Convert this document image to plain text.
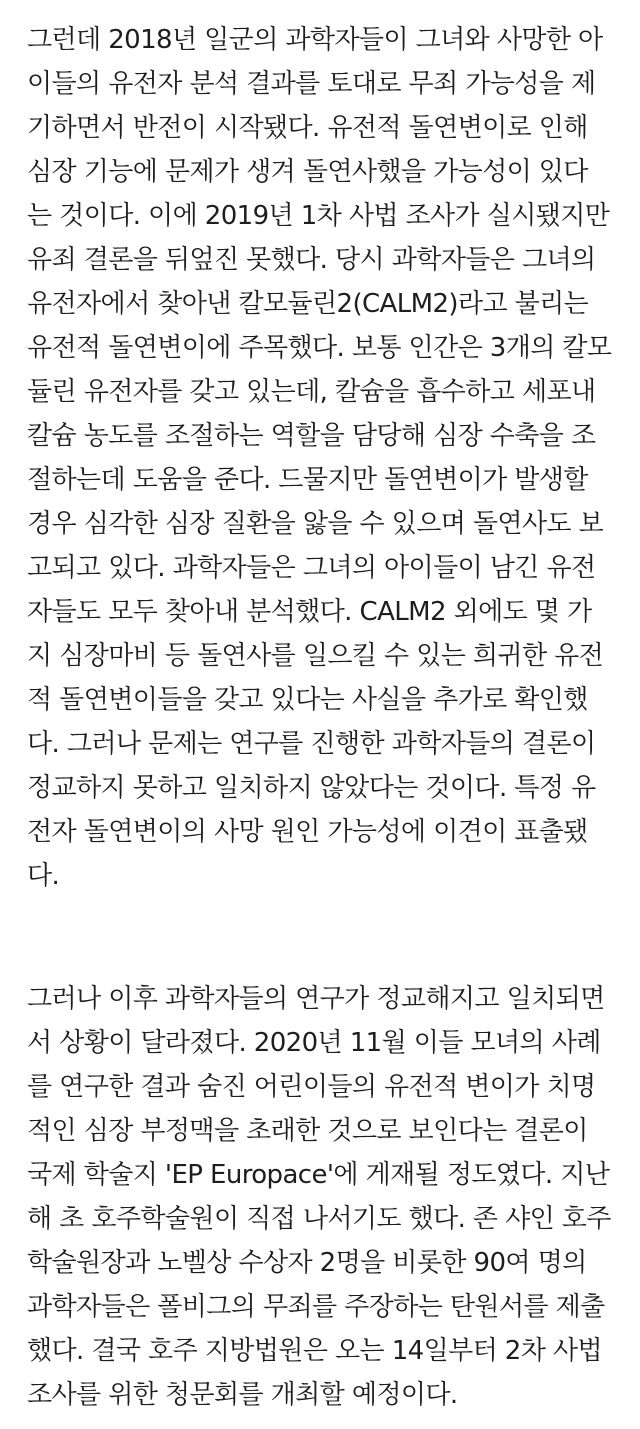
그런데 2018년 일군의 과학자들이 그녀와 사망한 아
이들의 유전자 분석 결과를 토대로 무죄 가능성을 제
기하면서 반전이 시작됐다. 유전적 돌연변이로 인해
심장 기능에 문제가 생겨 돌연사했을 가능성이 있다
는 것이다. 이에 2019년 1차 사법 조사가 실시됐지만
유죄 결론을 뒤엎진 못했다. 당시 과학자들은 그녀의
유전자에서 찾아낸 칼모듈린2(CALM2)라고 불리는
유전적 돌연변이에 주목했다. 보통 인간은 3개의 칼모
듈린 유전자를 갖고 있는데, 칼슘을 흡수하고 세포내
칼슘 농도를 조절하는 역할을 담당해 심장 수축을 조
절하는데 도움을 준다. 드물지만 돌연변이가 발생할
경우 심각한 심장 질환을 앓을 수 있으며 돌연사도 보
고되고 있다. 과학자들은 그녀의 아이들이 남긴 유전
자들도 모두 찾아내 분석했다. CALM2 외에도 몇 가
지 심장마비 등 돌연사를 일으킬 수 있는 희귀한 유전
적 돌연변이들을 갖고 있다는 사실을 추가로 확인했
다. 그러나 문제는 연구를 진행한 과학자들의 결론이
정교하지 못하고 일치하지 않았다는 것이다. 특정 유
전자 돌연변이의 사망 원인 가능성에 이견이 표출됐
다.
그러나 이후 과학자들의 연구가 정교해지고 일치되면
서 상황이 달라졌다. 2020년 11월 이들 모녀의 사례
를 연구한 결과 숨진 어린이들의 유전적 변이가 치명
적인 심장 부정맥을 초래한 것으로 보인다는 결론이
국제 학술지 'EP Europace'에 게재될 정도였다. 지난
해 초 호주학술원이 직접 나서기도 했다. 존 샤인 호주
학술원장과 노벨상 수상자 2명을 비롯한 90여 명의
과학자들은 폴비그의 무죄를 주장하는 탄원서를 제출
했다. 결국 호주 지방법원은 오는 14일부터 2차 사법
조사를 위한 청문회를 개최할 예정이다.
